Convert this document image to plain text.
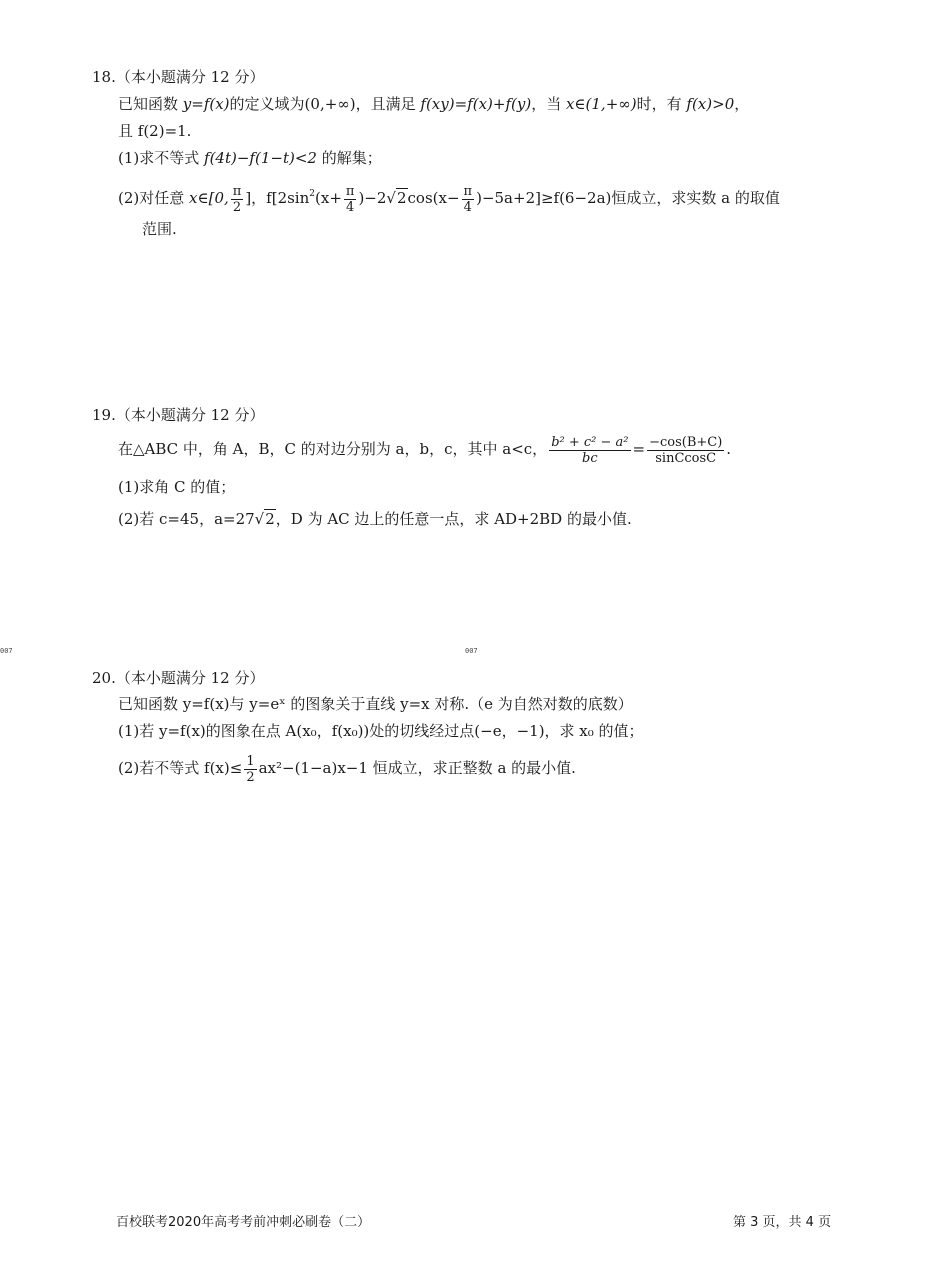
18.（本小题满分 12 分）
已知函数 y=f(x)的定义域为(0,+∞)，且满足 f(xy)=f(x)+f(y)，当 x∈(1,+∞)时，有 f(x)>0，
且 f(2)=1.
(1)求不等式 f(4t)−f(1−t)<2 的解集；
(2)对任意 x∈[0, $\frac{\pi}{2}$ ]，$f[2\sin^2(x+ \frac{\pi}{4} )-2√2\cos(x- \frac{\pi}{4} )-5a+2]\ge f(6-2a)$恒成立，求实数 a 的取值
范围.
19.（本小题满分 12 分）
在△ABC 中，角 A，B，C 的对边分别为 a，b，c，其中 a<c， $\frac{\text{b² + c² − a²}}{bc} = \frac{-\cos(B+C)}{\text{sinCcosC}}$ .
(1)求角 C 的值；
(2)若 c=45，a=27√2，D 为 AC 边上的任意一点，求 AD+2BD 的最小值.
007	007
20.（本小题满分 12 分）
已知函数 y=f(x)与 y=eˣ 的图象关于直线 y=x 对称.（e 为自然对数的底数）
(1)若 y=f(x)的图象在点 A(x₀，f(x₀))处的切线经过点(−e，−1)，求 x₀ 的值；
(2)若不等式 $f(x)\le \frac{1}{2} ax^2-(1-a)x-1$ 恒成立，求正整数 a 的最小值.
百校联考2020年高考考前冲刺必刷卷（二）	第 3 页，共 4 页
